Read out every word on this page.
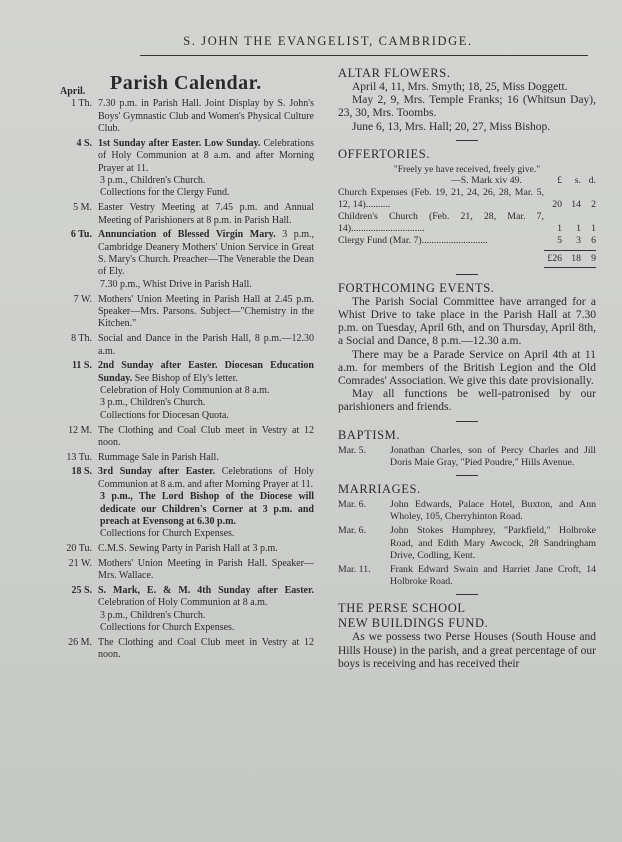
S. JOHN THE EVANGELIST, CAMBRIDGE.
April. Parish Calendar.
1 Th. 7.30 p.m. in Parish Hall. Joint Display by S. John's Boys' Gymnastic Club and Women's Physical Culture Club.
4 S. 1st Sunday after Easter. Low Sunday. Celebrations of Holy Communion at 8 a.m. and after Morning Prayer at 11.
3 p.m., Children's Church.
Collections for the Clergy Fund.
5 M. Easter Vestry Meeting at 7.45 p.m. and Annual Meeting of Parishioners at 8 p.m. in Parish Hall.
6 Tu. Annunciation of Blessed Virgin Mary. 3 p.m., Cambridge Deanery Mothers' Union Service in Great S. Mary's Church. Preacher—The Venerable the Dean of Ely.
7.30 p.m., Whist Drive in Parish Hall.
7 W. Mothers' Union Meeting in Parish Hall at 2.45 p.m. Speaker—Mrs. Parsons. Subject—"Chemistry in the Kitchen."
8 Th. Social and Dance in the Parish Hall, 8 p.m.—12.30 a.m.
11 S. 2nd Sunday after Easter. Diocesan Education Sunday. See Bishop of Ely's letter.
Celebration of Holy Communion at 8 a.m.
3 p.m., Children's Church.
Collections for Diocesan Quota.
12 M. The Clothing and Coal Club meet in Vestry at 12 noon.
13 Tu. Rummage Sale in Parish Hall.
18 S. 3rd Sunday after Easter. Celebrations of Holy Communion at 8 a.m. and after Morning Prayer at 11.
3 p.m., The Lord Bishop of the Diocese will dedicate our Children's Corner at 3 p.m. and preach at Evensong at 6.30 p.m.
Collections for Church Expenses.
20 Tu. C.M.S. Sewing Party in Parish Hall at 3 p.m.
21 W. Mothers' Union Meeting in Parish Hall. Speaker—Mrs. Wallace.
25 S. S. Mark, E. & M. 4th Sunday after Easter. Celebration of Holy Communion at 8 a.m.
3 p.m., Children's Church.
Collections for Church Expenses.
26 M. The Clothing and Coal Club meet in Vestry at 12 noon.
ALTAR FLOWERS.
April 4, 11, Mrs. Smyth; 18, 25, Miss Doggett.
May 2, 9, Mrs. Temple Franks; 16 (Whitsun Day), 23, 30, Mrs. Toombs.
June 6, 13, Mrs. Hall; 20, 27, Miss Bishop.
OFFERTORIES.
"Freely ye have received, freely give."
—S. Mark xiv 49.	£	s. d.
Church Expenses (Feb. 19, 21, 24, 26, 28, Mar. 5, 12, 14)..........	20 14	2
Children's Church (Feb. 21, 28, Mar. 7, 14)..............................	1	1	1
Clergy Fund (Mar. 7)...........................	5	3	6
£26 18	9
FORTHCOMING EVENTS.
The Parish Social Committee have arranged for a Whist Drive to take place in the Parish Hall at 7.30 p.m. on Tuesday, April 6th, and on Thursday, April 8th, a Social and Dance, 8 p.m.—12.30 a.m.
There may be a Parade Service on April 4th at 11 a.m. for members of the British Legion and the Old Comrades' Association. We give this date provisionally.
May all functions be well-patronised by our parishioners and friends.
BAPTISM.
Mar. 5.	Jonathan Charles, son of Percy Charles and Jill Doris Maie Gray, "Pied Poudre," Hills Avenue.
MARRIAGES.
Mar. 6.	John Edwards, Palace Hotel, Buxton, and Ann Wholey, 105, Cherryhinton Road.
Mar. 6.	John Stokes Humphrey, "Parkfield," Holbroke Road, and Edith Mary Awcock, 28 Sandringham Drive, Codling, Kent.
Mar. 11.	Frank Edward Swain and Harriet Jane Croft, 14 Holbroke Road.
THE PERSE SCHOOL
NEW BUILDINGS FUND.
As we possess two Perse Houses (South House and Hills House) in the parish, and a great percentage of our boys is receiving and has received their
